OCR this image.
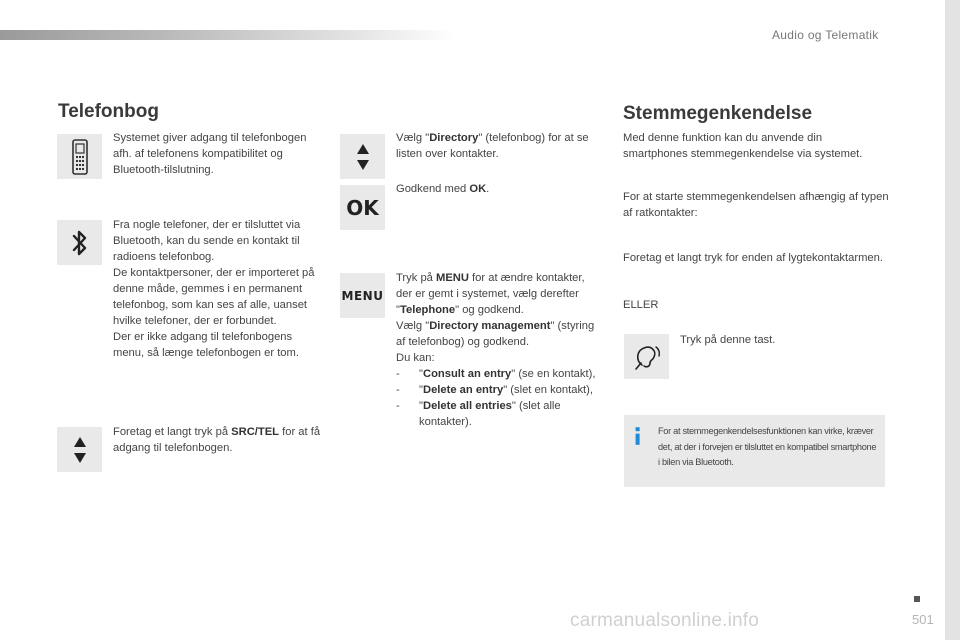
Audio og Telematik
Telefonbog
Systemet giver adgang til telefonbogen afh. af telefonens kompatibilitet og Bluetooth-tilslutning.
Fra nogle telefoner, der er tilsluttet via Bluetooth, kan du sende en kontakt til radioens telefonbog.
De kontaktpersoner, der er importeret på denne måde, gemmes i en permanent telefonbog, som kan ses af alle, uanset hvilke telefoner, der er forbundet.
Der er ikke adgang til telefonbogens menu, så længe telefonbogen er tom.
Foretag et langt tryk på SRC/TEL for at få adgang til telefonbogen.
Vælg "Directory" (telefonbog) for at se listen over kontakter.
OK
Godkend med OK.
MENU
Tryk på MENU for at ændre kontakter, der er gemt i systemet, vælg derefter "Telephone" og godkend.
Vælg "Directory management" (styring af telefonbog) og godkend.
Du kan:
- "Consult an entry" (se en kontakt),
- "Delete an entry" (slet en kontakt),
- "Delete all entries" (slet alle kontakter).
Stemmegenkendelse
Med denne funktion kan du anvende din smartphones stemmegenkendelse via systemet.
For at starte stemmegenkendelsen afhængig af typen af ratkontakter:
Foretag et langt tryk for enden af lygtekontaktarmen.
ELLER
Tryk på denne tast.
For at stemmegenkendelsesfunktionen kan virke, kræver det, at der i forvejen er tilsluttet en kompatibel smartphone i bilen via Bluetooth.
501
carmanualsonline.info
